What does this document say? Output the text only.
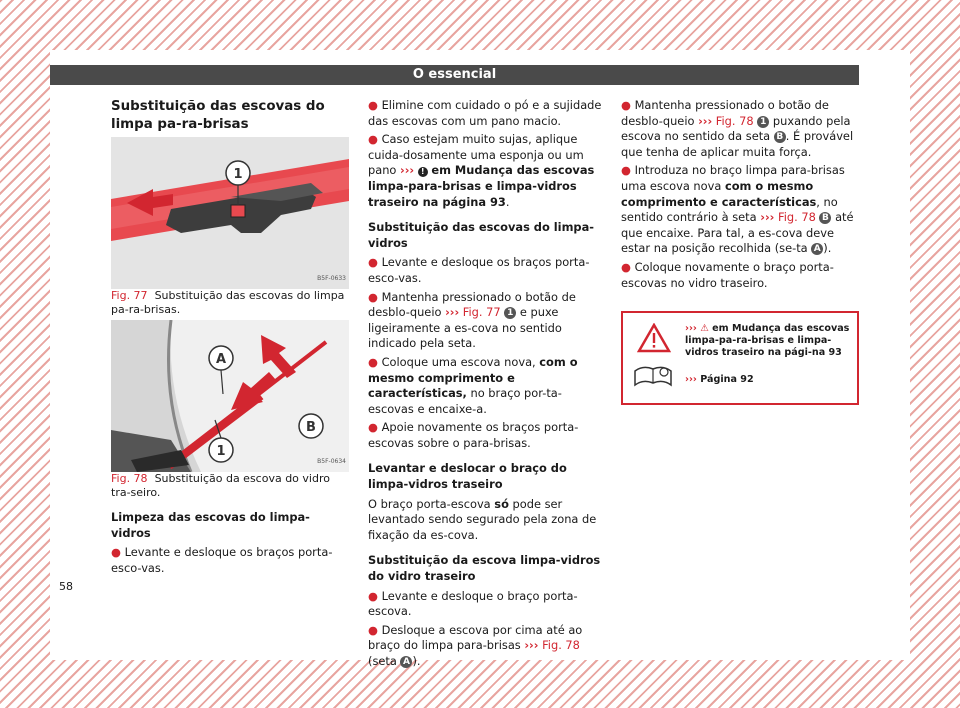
O essencial

Substituição das escovas do limpa pa-ra-brisas

1
B5F-0633

Fig. 77 Substituição das escovas do limpa pa-ra-brisas.

A
B
1
B5F-0634

Fig. 78 Substituição da escova do vidro tra-seiro.

Limpeza das escovas do limpa-vidros

● Levante e desloque os braços porta-esco-vas.

58

● Elimine com cuidado o pó e a sujidade das escovas com um pano macio.

● Caso estejam muito sujas, aplique cuida-dosamente uma esponja ou um pano ››› ! em Mudança das escovas limpa-para-brisas e limpa-vidros traseiro na página 93.

Substituição das escovas do limpa-vidros

● Levante e desloque os braços porta-esco-vas.

● Mantenha pressionado o botão de desblo-queio ››› Fig. 77 1 e puxe ligeiramente a es-cova no sentido indicado pela seta.

● Coloque uma escova nova, com o mesmo comprimento e características, no braço por-ta-escovas e encaixe-a.

● Apoie novamente os braços porta-escovas sobre o para-brisas.

Levantar e deslocar o braço do limpa-vidros traseiro

O braço porta-escova só pode ser levantado sendo segurado pela zona de fixação da es-cova.

Substituição da escova limpa-vidros do vidro traseiro

● Levante e desloque o braço porta-escova.

● Desloque a escova por cima até ao braço do limpa para-brisas ››› Fig. 78 (seta A ).

● Mantenha pressionado o botão de desblo-queio ››› Fig. 78 1 puxando pela escova no sentido da seta B . É provável que tenha de aplicar muita força.

● Introduza no braço limpa para-brisas uma escova nova com o mesmo comprimento e características, no sentido contrário à seta ››› Fig. 78 B até que encaixe. Para tal, a es-cova deve estar na posição recolhida (se-ta A ).

● Coloque novamente o braço porta-escovas no vidro traseiro.

››› ⚠ em Mudança das escovas limpa-pa-ra-brisas e limpa-vidros traseiro na pági-na 93
››› Página 92
